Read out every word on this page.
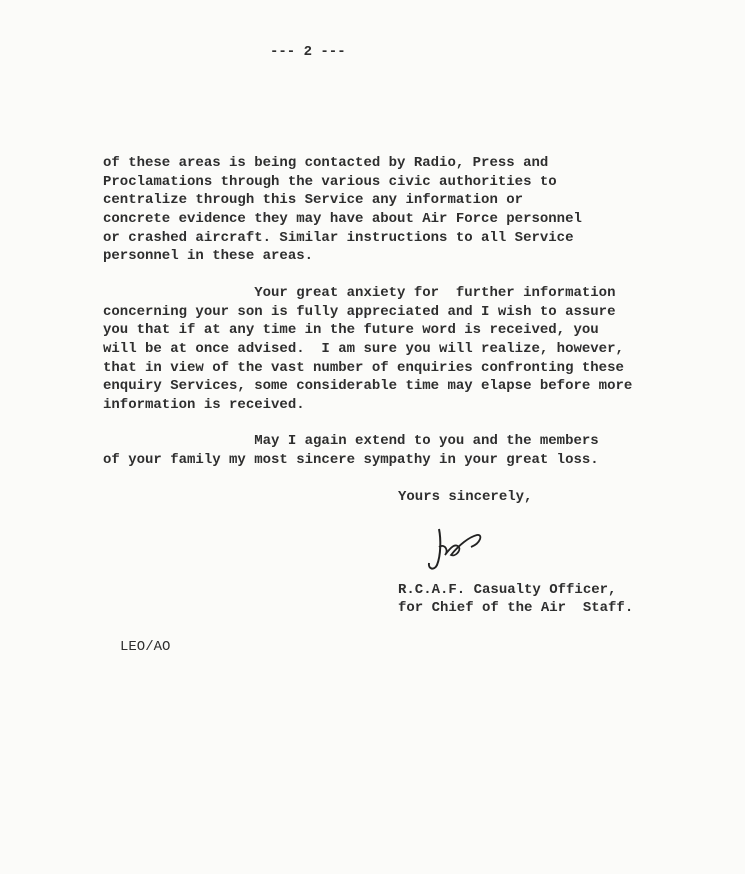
--- 2 ---
of these areas is being contacted by Radio, Press and
Proclamations through the various civic authorities to
centralize through this Service any information or
concrete evidence they may have about Air Force personnel
or crashed aircraft. Similar instructions to all Service
personnel in these areas.
Your great anxiety for  further information
concerning your son is fully appreciated and I wish to assure
you that if at any time in the future word is received, you
will be at once advised.  I am sure you will realize, however,
that in view of the vast number of enquiries confronting these
enquiry Services, some considerable time may elapse before more
information is received.
May I again extend to you and the members
of your family my most sincere sympathy in your great loss.
Yours sincerely,
R.C.A.F. Casualty Officer,
for Chief of the Air  Staff.
LEO/AO
